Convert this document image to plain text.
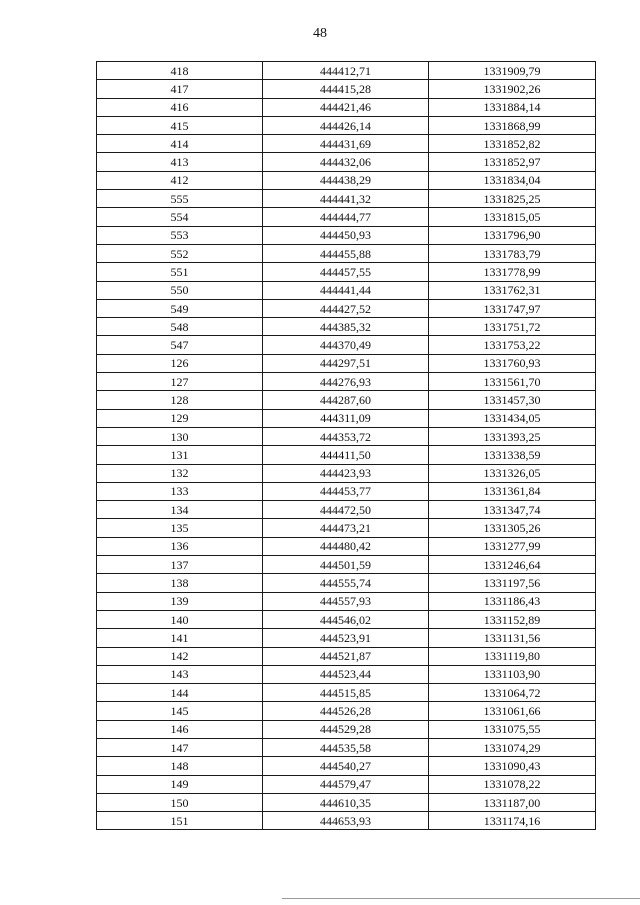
48
418	444412,71	1331909,79
417	444415,28	1331902,26
416	444421,46	1331884,14
415	444426,14	1331868,99
414	444431,69	1331852,82
413	444432,06	1331852,97
412	444438,29	1331834,04
555	444441,32	1331825,25
554	444444,77	1331815,05
553	444450,93	1331796,90
552	444455,88	1331783,79
551	444457,55	1331778,99
550	444441,44	1331762,31
549	444427,52	1331747,97
548	444385,32	1331751,72
547	444370,49	1331753,22
126	444297,51	1331760,93
127	444276,93	1331561,70
128	444287,60	1331457,30
129	444311,09	1331434,05
130	444353,72	1331393,25
131	444411,50	1331338,59
132	444423,93	1331326,05
133	444453,77	1331361,84
134	444472,50	1331347,74
135	444473,21	1331305,26
136	444480,42	1331277,99
137	444501,59	1331246,64
138	444555,74	1331197,56
139	444557,93	1331186,43
140	444546,02	1331152,89
141	444523,91	1331131,56
142	444521,87	1331119,80
143	444523,44	1331103,90
144	444515,85	1331064,72
145	444526,28	1331061,66
146	444529,28	1331075,55
147	444535,58	1331074,29
148	444540,27	1331090,43
149	444579,47	1331078,22
150	444610,35	1331187,00
151	444653,93	1331174,16
